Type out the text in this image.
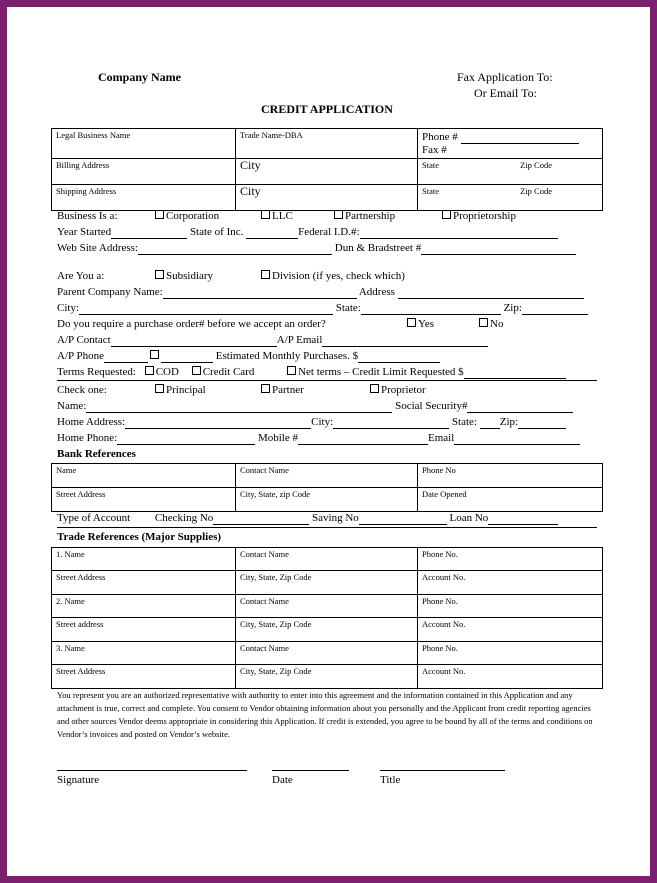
Company Name	Fax Application To:
Or Email To:
CREDIT APPLICATION
Legal Business Name	Trade Name-DBA	Phone #
Fax #
Billing Address	City	State Zip Code

Shipping Address	City	State Zip Code
Business Is a:	Corporation	LLC	Partnership	Proprietorship
Year Started	State of Inc.	Federal I.D.#:
Web Site Address:	Dun & Bradstreet #
Are You a:	Subsidiary	Division (if yes, check which)
Parent Company Name:	Address
City:	State:	Zip:
Do you require a purchase order# before we accept an order?	Yes	No
A/P Contact	A/P Email
A/P Phone	Estimated Monthly Purchases. $
Terms Requested: COD Credit Card	Net terms – Credit Limit Requested $
Check one:	Principal	Partner	Proprietor
Name:	Social Security#
Home Address:	City:	State: Zip:
Home Phone:	Mobile #	Email
Bank References
Name	Contact Name	Phone No
Street Address	City, State, zip Code	Date Opened
Type of Account Checking No	Saving No	Loan No
Trade References (Major Supplies)
1. Name	Contact Name	Phone No.
Street Address	City, State, Zip Code	Account No.
2. Name	Contact Name	Phone No.
Street address	City, State, Zip Code	Account No.
3. Name	Contact Name	Phone No.
Street Address	City, State, Zip Code	Account No.
You represent you are an authorized representative with authority to enter into this agreement and the information contained in this Application and any attachment is true, correct and complete. You consent to Vendor obtaining information about you personally and the Applicant from credit reporting agencies and other sources Vendor deems appropriate in considering this Application. If credit is extended, you agree to be bound by all of the terms and conditions on Vendor’s invoices and posted on Vendor’s website.
Signature	Date	Title
